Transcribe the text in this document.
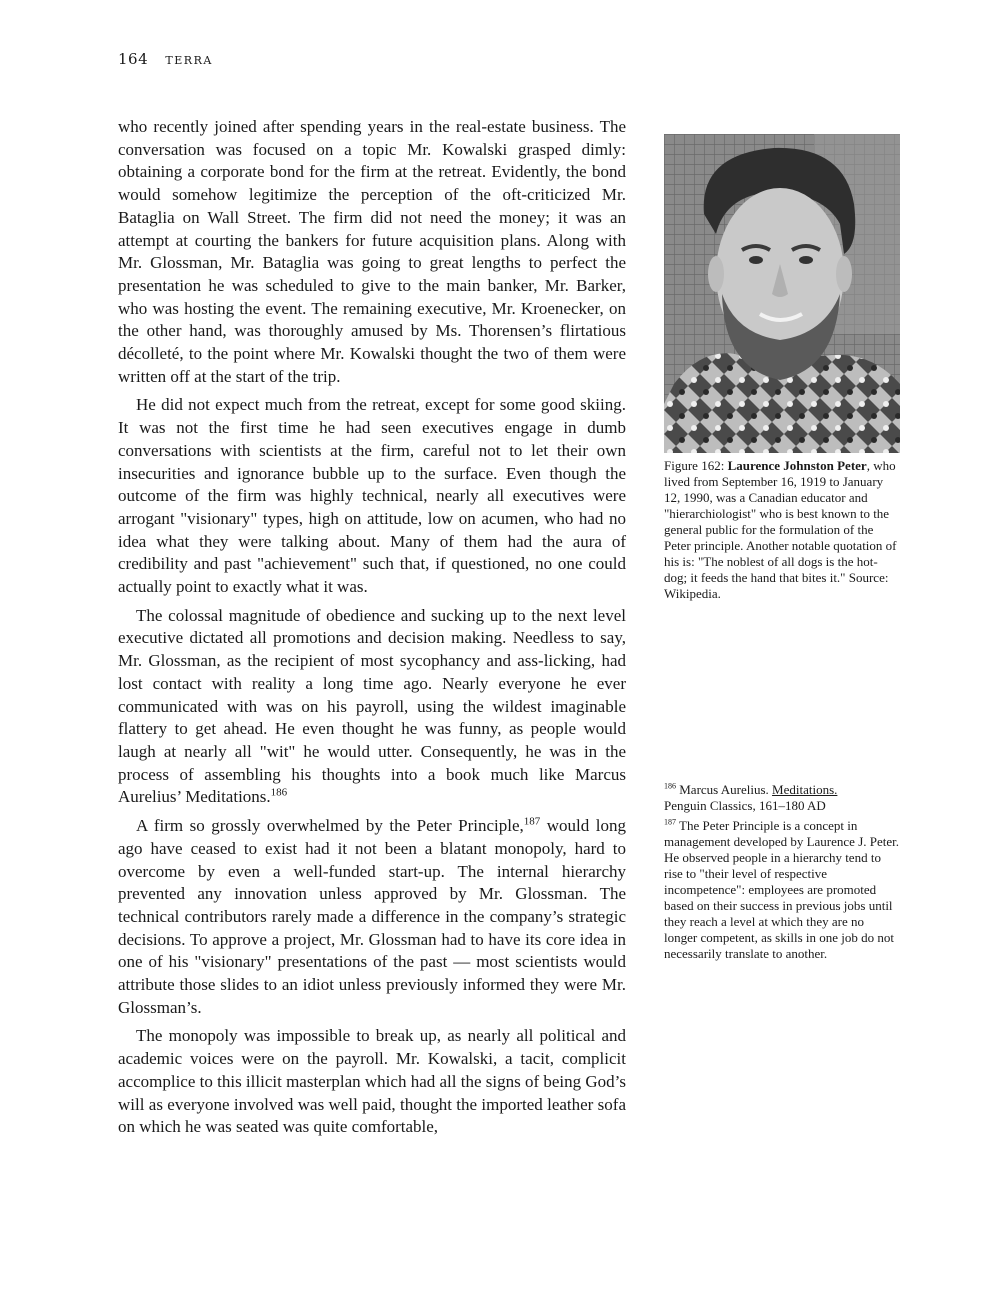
164 terra

who recently joined after spending years in the real-estate business. The conversation was focused on a topic Mr. Kowalski grasped dimly: obtaining a corporate bond for the firm at the retreat. Evidently, the bond would somehow legitimize the perception of the oft-criticized Mr. Bataglia on Wall Street. The firm did not need the money; it was an attempt at courting the bankers for future acquisition plans. Along with Mr. Glossman, Mr. Bataglia was going to great lengths to perfect the presentation he was scheduled to give to the main banker, Mr. Barker, who was hosting the event. The remaining executive, Mr. Kroenecker, on the other hand, was thoroughly amused by Ms. Thorensen’s flirtatious décolleté, to the point where Mr. Kowalski thought the two of them were written off at the start of the trip.

He did not expect much from the retreat, except for some good skiing. It was not the first time he had seen executives engage in dumb conversations with scientists at the firm, careful not to let their own insecurities and ignorance bubble up to the surface. Even though the outcome of the firm was highly technical, nearly all executives were arrogant "visionary" types, high on attitude, low on acumen, who had no idea what they were talking about. Many of them had the aura of credibility and past "achievement" such that, if questioned, no one could actually point to exactly what it was.

The colossal magnitude of obedience and sucking up to the next level executive dictated all promotions and decision making. Needless to say, Mr. Glossman, as the recipient of most sycophancy and ass-licking, had lost contact with reality a long time ago. Nearly everyone he ever communicated with was on his payroll, using the wildest imaginable flattery to get ahead. He even thought he was funny, as people would laugh at nearly all "wit" he would utter. Consequently, he was in the process of assembling his thoughts into a book much like Marcus Aurelius’ Meditations.$^{186}$

A firm so grossly overwhelmed by the Peter Principle,$^{187}$ would long ago have ceased to exist had it not been a blatant monopoly, hard to overcome by even a well-funded start-up. The internal hierarchy prevented any innovation unless approved by Mr. Glossman. The technical contributors rarely made a difference in the company’s strategic decisions. To approve a project, Mr. Glossman had to have its core idea in one of his "visionary" presentations of the past — most scientists would attribute those slides to an idiot unless previously informed they were Mr. Glossman’s.

The monopoly was impossible to break up, as nearly all political and academic voices were on the payroll. Mr. Kowalski, a tacit, complicit accomplice to this illicit masterplan which had all the signs of being God’s will as everyone involved was well paid, thought the imported leather sofa on which he was seated was quite comfortable,

Figure 162: Laurence Johnston Peter, who lived from September 16, 1919 to January 12, 1990, was a Canadian educator and "hierarchiologist" who is best known to the general public for the formulation of the Peter principle. Another notable quotation of his is: "The noblest of all dogs is the hot-dog; it feeds the hand that bites it." Source: Wikipedia.
$^{186}$ Marcus Aurelius. Meditations.
Penguin Classics, 161–180 AD
$^{187}$ The Peter Principle is a concept in management developed by Laurence J. Peter. He observed people in a hierarchy tend to rise to "their level of respective incompetence": employees are promoted based on their success in previous jobs until they reach a level at which they are no longer competent, as skills in one job do not necessarily translate to another.
